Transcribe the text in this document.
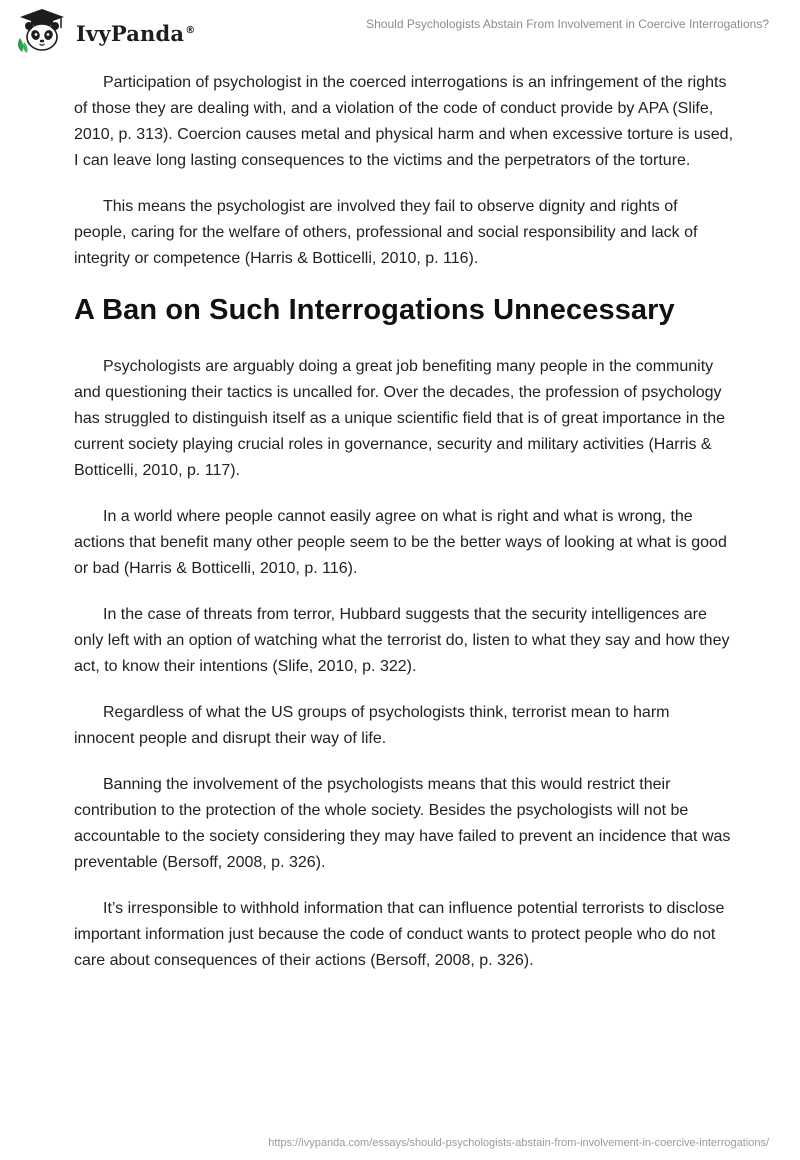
IvyPanda®	Should Psychologists Abstain From Involvement in Coercive Interrogations?

Participation of psychologist in the coerced interrogations is an infringement of the rights of those they are dealing with, and a violation of the code of conduct provide by APA (Slife, 2010, p. 313). Coercion causes metal and physical harm and when excessive torture is used, I can leave long lasting consequences to the victims and the perpetrators of the torture.

This means the psychologist are involved they fail to observe dignity and rights of people, caring for the welfare of others, professional and social responsibility and lack of integrity or competence (Harris & Botticelli, 2010, p. 116).

A Ban on Such Interrogations Unnecessary

Psychologists are arguably doing a great job benefiting many people in the community and questioning their tactics is uncalled for. Over the decades, the profession of psychology has struggled to distinguish itself as a unique scientific field that is of great importance in the current society playing crucial roles in governance, security and military activities (Harris & Botticelli, 2010, p. 117).

In a world where people cannot easily agree on what is right and what is wrong, the actions that benefit many other people seem to be the better ways of looking at what is good or bad (Harris & Botticelli, 2010, p. 116).

In the case of threats from terror, Hubbard suggests that the security intelligences are only left with an option of watching what the terrorist do, listen to what they say and how they act, to know their intentions (Slife, 2010, p. 322).

Regardless of what the US groups of psychologists think, terrorist mean to harm innocent people and disrupt their way of life.

Banning the involvement of the psychologists means that this would restrict their contribution to the protection of the whole society. Besides the psychologists will not be accountable to the society considering they may have failed to prevent an incidence that was preventable (Bersoff, 2008, p. 326).

It’s irresponsible to withhold information that can influence potential terrorists to disclose important information just because the code of conduct wants to protect people who do not care about consequences of their actions (Bersoff, 2008, p. 326).

https://ivypanda.com/essays/should-psychologists-abstain-from-involvement-in-coercive-interrogations/
